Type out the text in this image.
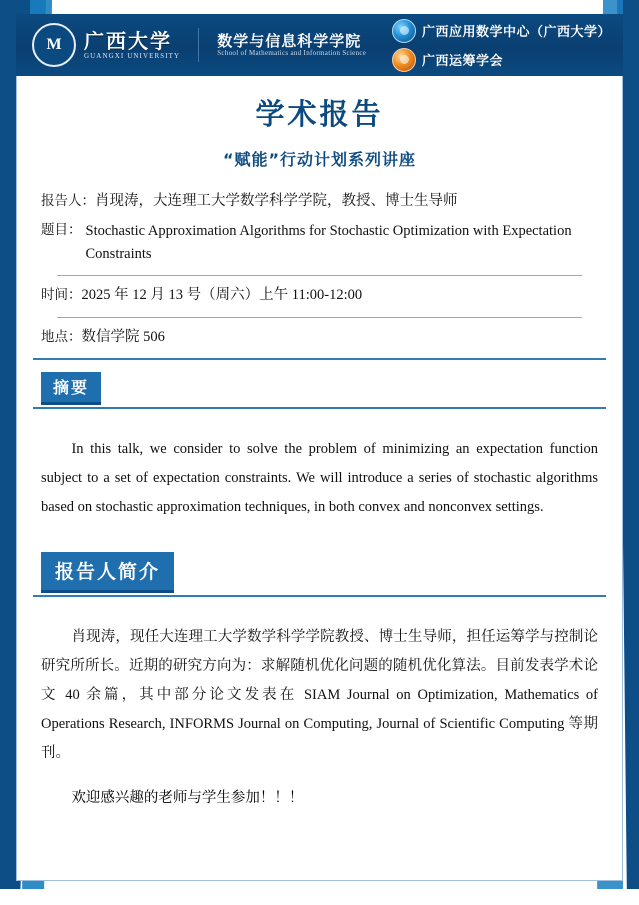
M 广西大学
GUANGXI UNIVERSITY
数学与信息科学学院
School of Mathematics and Information Science
广西应用数学中心（广西大学）
广西运筹学会
学术报告
“赋能”行动计划系列讲座
报告人：肖现涛，大连理工大学数学科学学院，教授、博士生导师
题目： Stochastic Approximation Algorithms for Stochastic Optimization with Expectation Constraints
时间：2025 年 12 月 13 号（周六）上午 11:00-12:00
地点：数信学院 506
摘要
In this talk, we consider to solve the problem of minimizing an expectation function subject to a set of expectation constraints. We will introduce a series of stochastic algorithms based on stochastic approximation techniques, in both convex and nonconvex settings.
报告人简介
肖现涛，现任大连理工大学数学科学学院教授、博士生导师，担任运筹学与控制论研究所所长。近期的研究方向为：求解随机优化问题的随机优化算法。目前发表学术论文 40 余篇，其中部分论文发表在 SIAM Journal on Optimization, Mathematics of Operations Research, INFORMS Journal on Computing, Journal of Scientific Computing 等期刊。
欢迎感兴趣的老师与学生参加！！！
